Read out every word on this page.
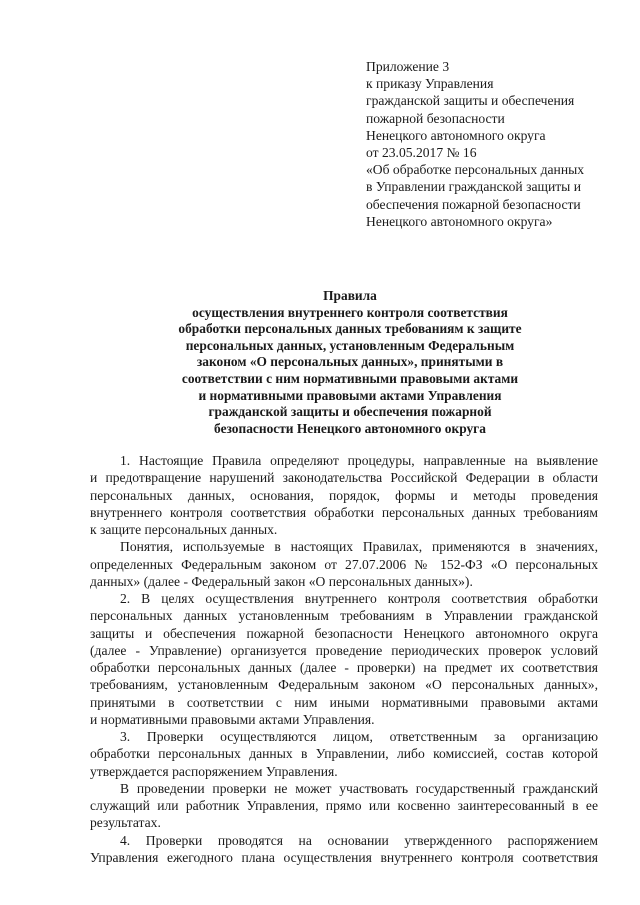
Приложение 3
к приказу Управления
гражданской защиты и обеспечения
пожарной безопасности
Ненецкого автономного округа
от 23.05.2017 № 16
«Об обработке персональных данных
в Управлении гражданской защиты и
обеспечения пожарной безопасности
Ненецкого автономного округа»
Правила
осуществления внутреннего контроля соответствия
обработки персональных данных требованиям к защите
персональных данных, установленным Федеральным
законом «О персональных данных», принятыми в
соответствии с ним нормативными правовыми актами
и нормативными правовыми актами Управления
гражданской защиты и обеспечения пожарной
безопасности Ненецкого автономного округа
1. Настоящие Правила определяют процедуры, направленные на выявление
и предотвращение нарушений законодательства Российской Федерации в области
персональных данных, основания, порядок, формы и методы проведения
внутреннего контроля соответствия обработки персональных данных требованиям
к защите персональных данных.
Понятия, используемые в настоящих Правилах, применяются в значениях,
определенных Федеральным законом от 27.07.2006 № 152-ФЗ «О персональных
данных» (далее - Федеральный закон «О персональных данных»).
2. В целях осуществления внутреннего контроля соответствия обработки
персональных данных установленным требованиям в Управлении гражданской
защиты и обеспечения пожарной безопасности Ненецкого автономного округа
(далее - Управление) организуется проведение периодических проверок условий
обработки персональных данных (далее - проверки) на предмет их соответствия
требованиям, установленным Федеральным законом «О персональных данных»,
принятыми в соответствии с ним иными нормативными правовыми актами
и нормативными правовыми актами Управления.
3. Проверки осуществляются лицом, ответственным за организацию
обработки персональных данных в Управлении, либо комиссией, состав которой
утверждается распоряжением Управления.
В проведении проверки не может участвовать государственный гражданский
служащий или работник Управления, прямо или косвенно заинтересованный в ее
результатах.
4. Проверки проводятся на основании утвержденного распоряжением
Управления ежегодного плана осуществления внутреннего контроля соответствия
